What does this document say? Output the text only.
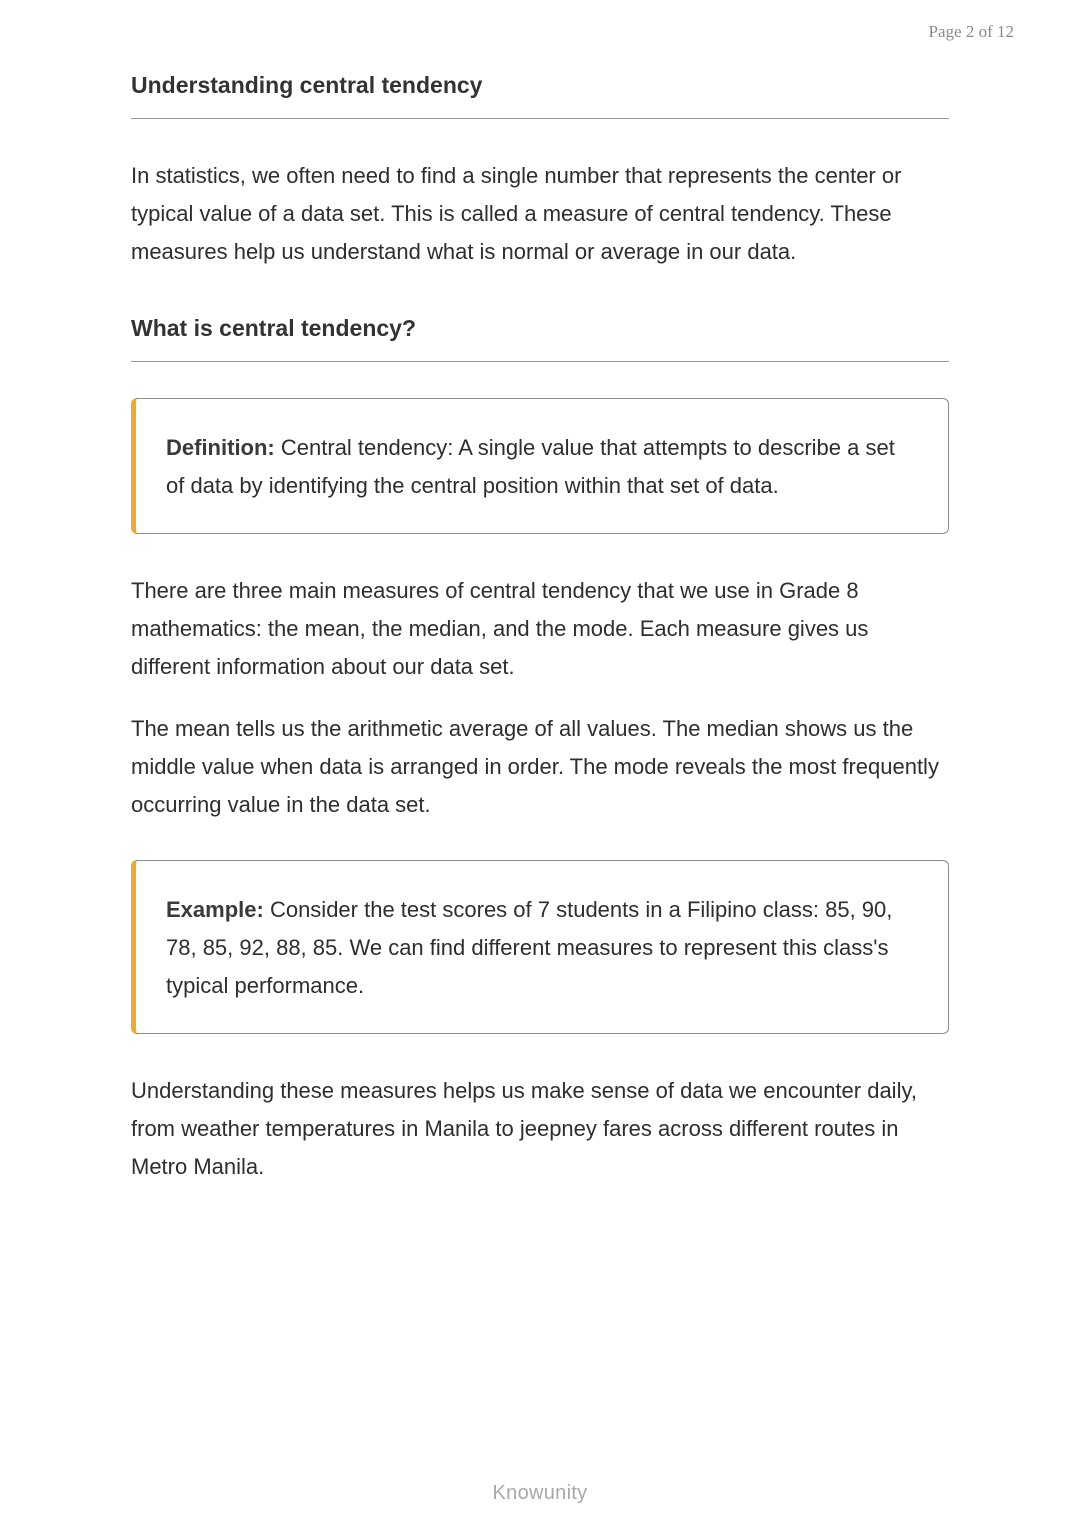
Page 2 of 12
Understanding central tendency

In statistics, we often need to find a single number that represents the center or typical value of a data set. This is called a measure of central tendency. These measures help us understand what is normal or average in our data.

What is central tendency?

Definition: Central tendency: A single value that attempts to describe a set of data by identifying the central position within that set of data.

There are three main measures of central tendency that we use in Grade 8 mathematics: the mean, the median, and the mode. Each measure gives us different information about our data set.

The mean tells us the arithmetic average of all values. The median shows us the middle value when data is arranged in order. The mode reveals the most frequently occurring value in the data set.

Example: Consider the test scores of 7 students in a Filipino class: 85, 90, 78, 85, 92, 88, 85. We can find different measures to represent this class's typical performance.

Understanding these measures helps us make sense of data we encounter daily, from weather temperatures in Manila to jeepney fares across different routes in Metro Manila.

Knowunity
